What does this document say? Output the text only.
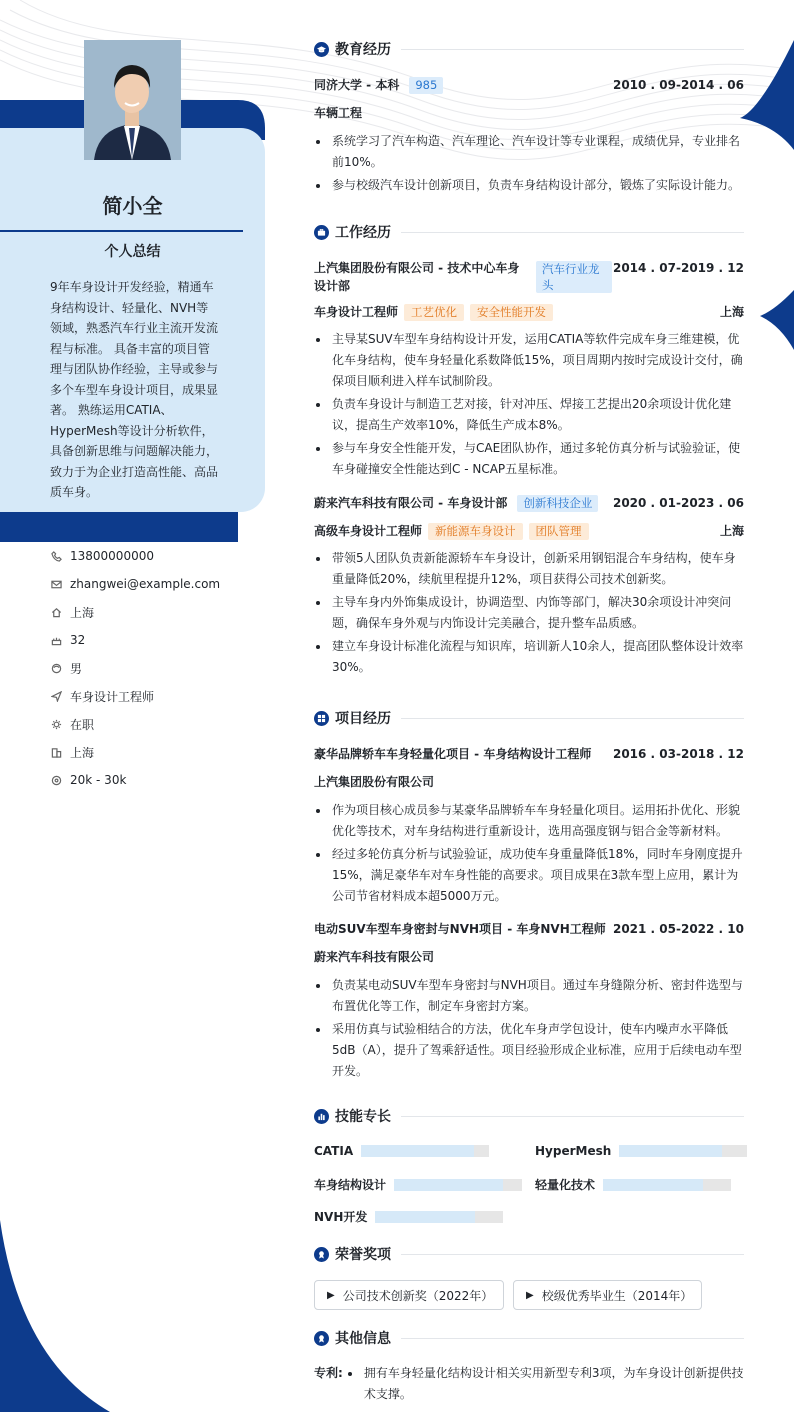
简小全
个人总结
9年车身设计开发经验，精通车身结构设计、轻量化、NVH等领域，熟悉汽车行业主流开发流程与标准。 具备丰富的项目管理与团队协作经验，主导或参与多个车型车身设计项目，成果显著。 熟练运用CATIA、HyperMesh等设计分析软件，具备创新思维与问题解决能力，致力于为企业打造高性能、高品质车身。
13800000000
zhangwei@example.com
上海
32
男
车身设计工程师
在职
上海
20k - 30k
教育经历
同济大学 - 本科 985	2010 . 09-2014 . 06
车辆工程
系统学习了汽车构造、汽车理论、汽车设计等专业课程，成绩优异，专业排名前10%。
参与校级汽车设计创新项目，负责车身结构设计部分，锻炼了实际设计能力。
工作经历
上汽集团股份有限公司 - 技术中心车身设计部
汽车行业龙头
2014 . 07-2019 . 12
车身设计工程师 工艺优化 安全性能开发	上海
主导某SUV车型车身结构设计开发，运用CATIA等软件完成车身三维建模，优化车身结构，使车身轻量化系数降低15%，项目周期内按时完成设计交付，确保项目顺利进入样车试制阶段。
负责车身设计与制造工艺对接，针对冲压、焊接工艺提出20余项设计优化建议，提高生产效率10%，降低生产成本8%。
参与车身安全性能开发，与CAE团队协作，通过多轮仿真分析与试验验证，使车身碰撞安全性能达到C - NCAP五星标准。
蔚来汽车科技有限公司 - 车身设计部 创新科技企业	2020 . 01-2023 . 06
高级车身设计工程师 新能源车身设计 团队管理	上海
带领5人团队负责新能源轿车车身设计，创新采用钢铝混合车身结构，使车身重量降低20%，续航里程提升12%，项目获得公司技术创新奖。
主导车身内外饰集成设计，协调造型、内饰等部门，解决30余项设计冲突问题，确保车身外观与内饰设计完美融合，提升整车品质感。
建立车身设计标准化流程与知识库，培训新人10余人，提高团队整体设计效率30%。
项目经历
豪华品牌轿车车身轻量化项目 - 车身结构设计工程师 2016 . 03-2018 . 12
上汽集团股份有限公司
作为项目核心成员参与某豪华品牌轿车车身轻量化项目。运用拓扑优化、形貌优化等技术，对车身结构进行重新设计，选用高强度钢与铝合金等新材料。
经过多轮仿真分析与试验验证，成功使车身重量降低18%，同时车身刚度提升15%，满足豪华车对车身性能的高要求。项目成果在3款车型上应用，累计为公司节省材料成本超5000万元。
电动SUV车型车身密封与NVH项目 - 车身NVH工程师 2021 . 05-2022 . 10
蔚来汽车科技有限公司
负责某电动SUV车型车身密封与NVH项目。通过车身缝隙分析、密封件选型与布置优化等工作，制定车身密封方案。
采用仿真与试验相结合的方法，优化车身声学包设计，使车内噪声水平降低5dB（A），提升了驾乘舒适性。项目经验形成企业标准，应用于后续电动车型开发。
技能专长
CATIA	HyperMesh
车身结构设计	轻量化技术
NVH开发
荣誉奖项
▶ 公司技术创新奖（2022年）	▶ 校级优秀毕业生（2014年）
其他信息
专利:	拥有车身轻量化结构设计相关实用新型专利3项，为车身设计创新提供技术支撑。
